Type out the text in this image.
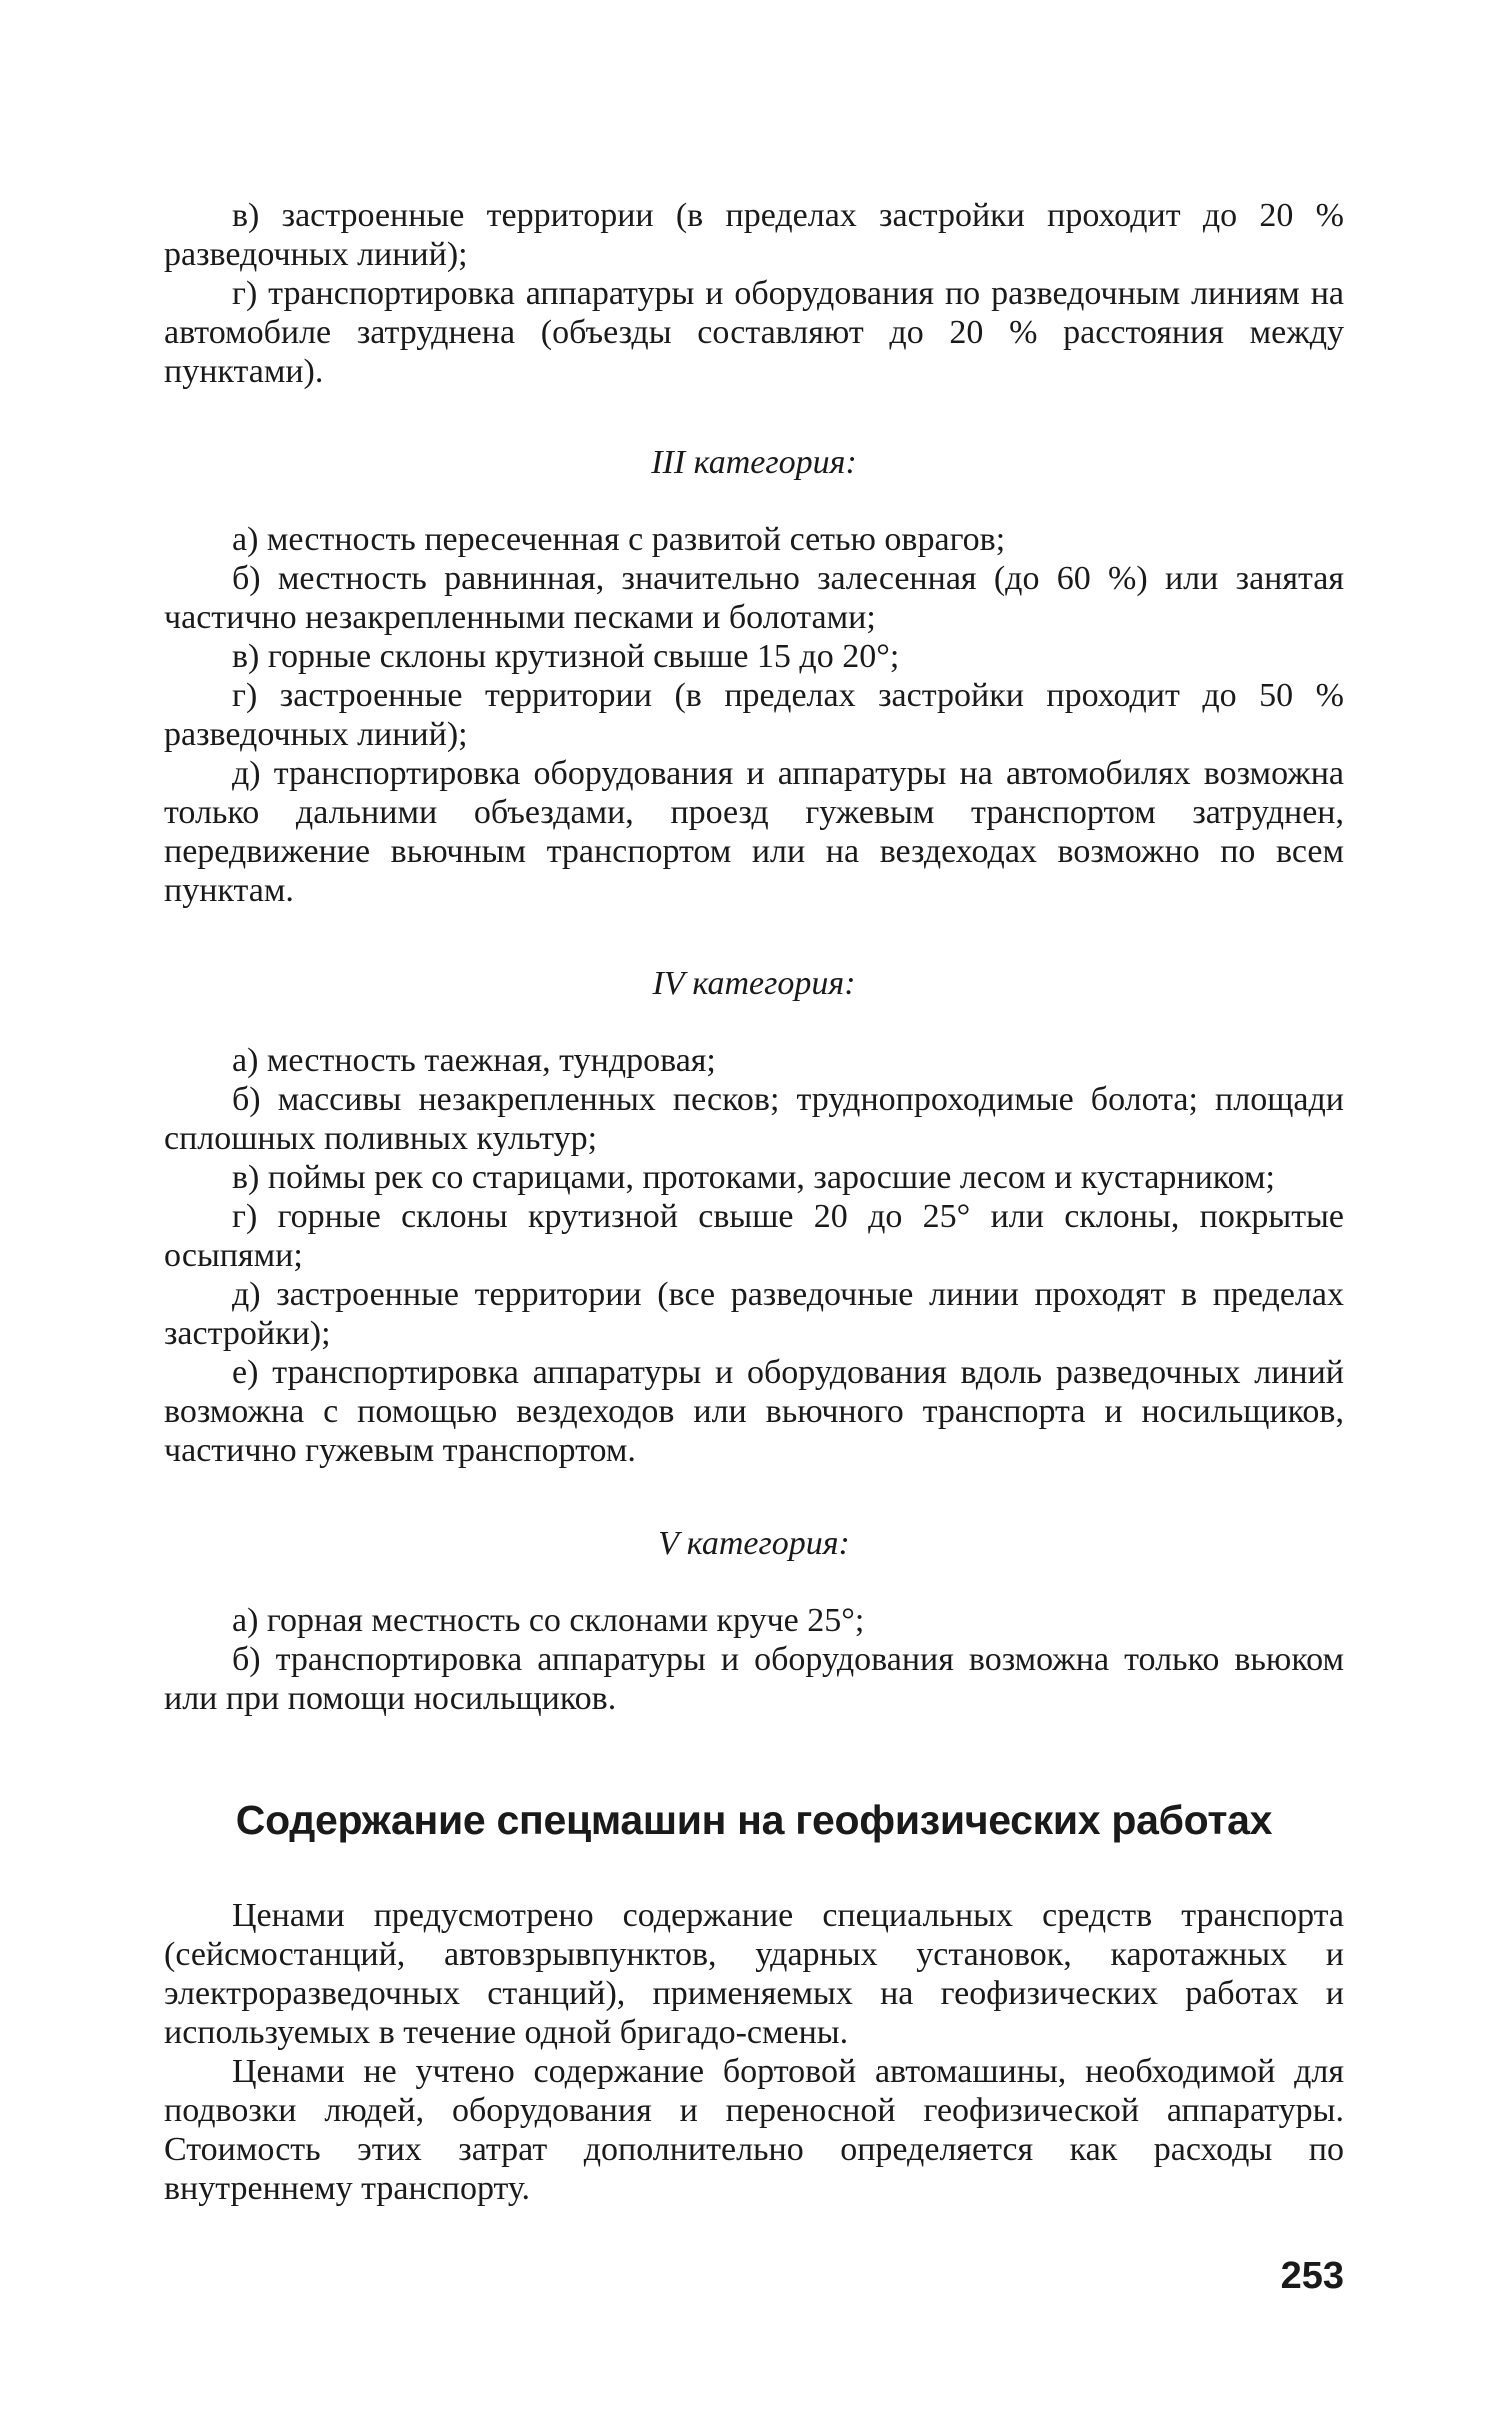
в) застроенные территории (в пределах застройки проходит до 20 % разведочных линий);

г) транспортировка аппаратуры и оборудования по разведочным линиям на автомобиле затруднена (объезды составляют до 20 % расстояния между пунктами).

III категория:

а) местность пересеченная с развитой сетью оврагов;

б) местность равнинная, значительно залесенная (до 60 %) или занятая частично незакрепленными песками и болотами;

в) горные склоны крутизной свыше 15 до 20°;

г) застроенные территории (в пределах застройки проходит до 50 % разведочных линий);

д) транспортировка оборудования и аппаратуры на автомобилях возможна только дальними объездами, проезд гужевым транспортом затруднен, передвижение вьючным транспортом или на вездеходах возможно по всем пунктам.

IV категория:

а) местность таежная, тундровая;

б) массивы незакрепленных песков; труднопроходимые болота; площади сплошных поливных культур;

в) поймы рек со старицами, протоками, заросшие лесом и кустарником;

г) горные склоны крутизной свыше 20 до 25° или склоны, покрытые осыпями;

д) застроенные территории (все разведочные линии проходят в пределах застройки);

е) транспортировка аппаратуры и оборудования вдоль разведочных линий возможна с помощью вездеходов или вьючного транспорта и носильщиков, частично гужевым транспортом.

V категория:

а) горная местность со склонами круче 25°;

б) транспортировка аппаратуры и оборудования возможна только вьюком или при помощи носильщиков.

Содержание спецмашин на геофизических работах

Ценами предусмотрено содержание специальных средств транспорта (сейсмостанций, автовзрывпунктов, ударных установок, каротажных и электроразведочных станций), применяемых на геофизических работах и используемых в течение одной бригадо-смены.

Ценами не учтено содержание бортовой автомашины, необходимой для подвозки людей, оборудования и переносной геофизической аппаратуры. Стоимость этих затрат дополнительно определяется как расходы по внутреннему транспорту.

253
